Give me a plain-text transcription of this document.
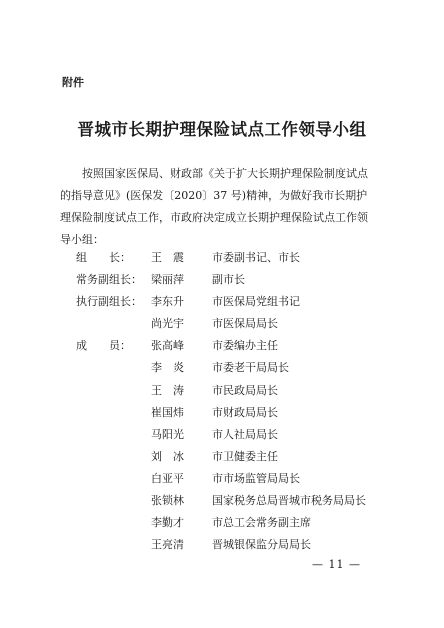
附件
晋城市长期护理保险试点工作领导小组
按照国家医保局、财政部《关于扩大长期护理保险制度试点
的指导意见》(医保发〔2020〕37 号)精神，为做好我市长期护
理保险制度试点工作，市政府决定成立长期护理保险试点工作领
导小组：
组　　长： 王　震	市委副书记、市长
常务副组长： 梁丽萍	副市长
执行副组长： 李东升	市医保局党组书记
尚光宇	市医保局局长
成　　员： 张高峰	市委编办主任
李　炎	市委老干局局长
王　涛	市民政局局长
崔国炜	市财政局局长
马阳光	市人社局局长
刘　冰	市卫健委主任
白亚平	市市场监管局局长
张锁林	国家税务总局晋城市税务局局长
李勤才	市总工会常务副主席
王亮清	晋城银保监分局局长
— 11 —
